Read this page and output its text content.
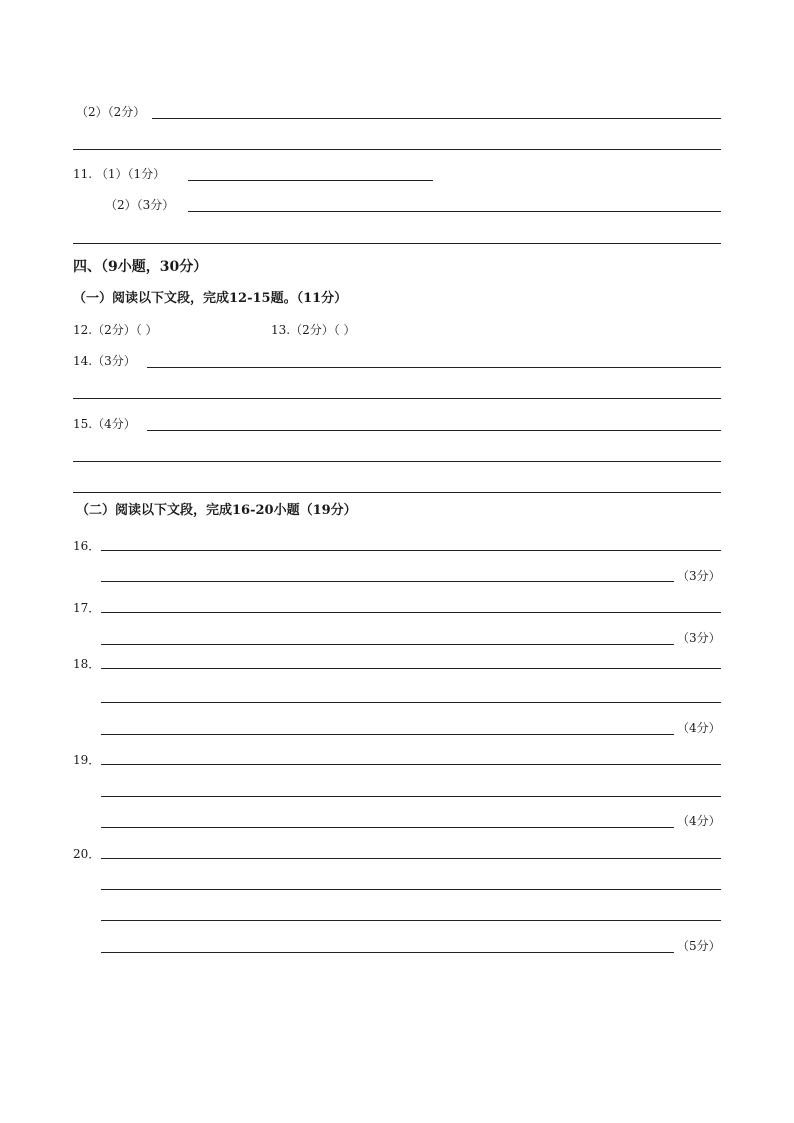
（2）（2分）
11. （1）（1分）
（2）（3分）
四、（9小题，30分）
（一）阅读以下文段，完成12-15题。（11分）
12.（2分）（ ）	13.（2分）（ ）
14.（3分）
15.（4分）
（二）阅读以下文段，完成16-20小题（19分）
16．
（3分）
17．
（3分）
18．
（4分）
19．
（4分）
20．
（5分）
